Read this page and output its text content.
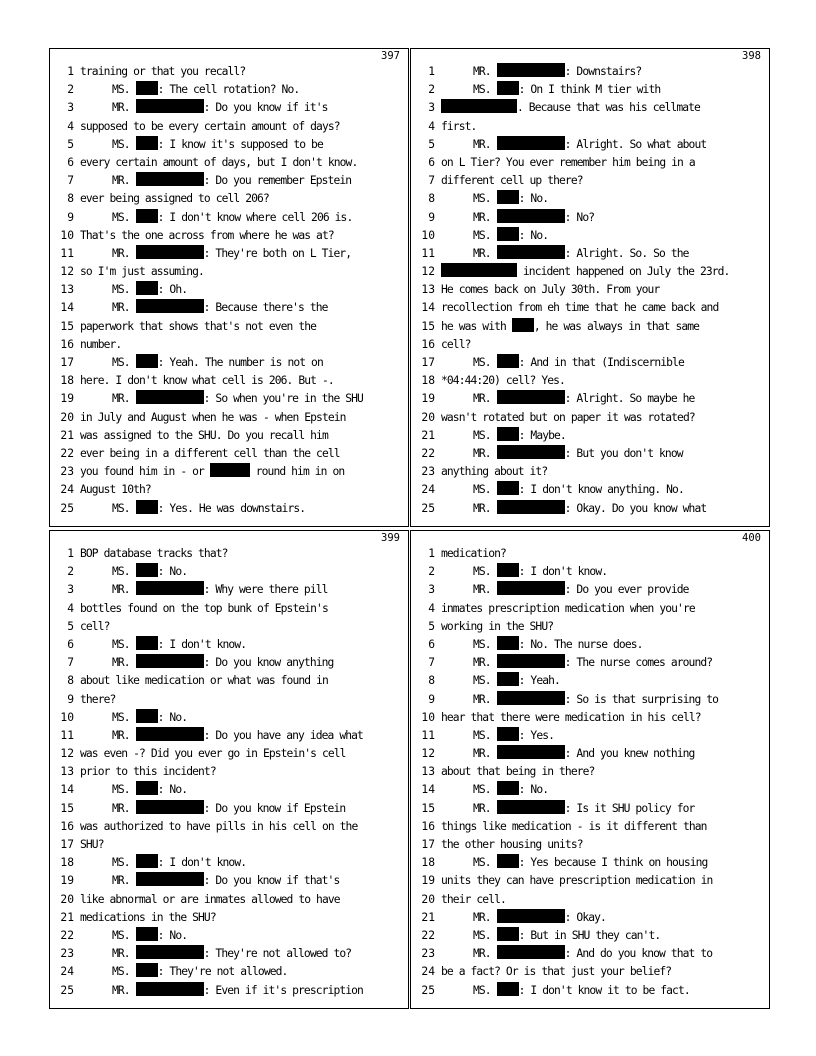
397
1 training or that you recall?
2	MS. : The cell rotation? No.
3	MR.	: Do you know if it's
4 supposed to be every certain amount of days?
5	MS. : I know it's supposed to be
6 every certain amount of days, but I don't know.
7	MR.	: Do you remember Epstein
8 ever being assigned to cell 206?
9	MS. : I don't know where cell 206 is.
10 That's the one across from where he was at?
11	MR.	: They're both on L Tier,
12 so I'm just assuming.
13	MS. : Oh.
14	MR.	: Because there's the
15 paperwork that shows that's not even the
16 number.
17	MS. : Yeah. The number is not on
18 here. I don't know what cell is 206. But -.
19	MR.	: So when you're in the SHU
20 in July and August when he was - when Epstein
21 was assigned to the SHU. Do you recall him
22 ever being in a different cell than the cell
23 you found him in - or	round him in on
24 August 10th?
25	MS. : Yes. He was downstairs.
398
1	MR.	: Downstairs?
2	MS. : On I think M tier with
3	. Because that was his cellmate
4 first.
5	MR.	: Alright. So what about
6 on L Tier? You ever remember him being in a
7 different cell up there?
8	MS. : No.
9	MR.	: No?
10	MS. : No.
11	MR.	: Alright. So. So the
12	incident happened on July the 23rd.
13 He comes back on July 30th. From your
14 recollection from eh time that he came back and
15 he was with , he was always in that same
16 cell?
17	MS. : And in that (Indiscernible
18 *04:44:20) cell? Yes.
19	MR.	: Alright. So maybe he
20 wasn't rotated but on paper it was rotated?
21	MS. : Maybe.
22	MR.	: But you don't know
23 anything about it?
24	MS. : I don't know anything. No.
25	MR.	: Okay. Do you know what
399
1 BOP database tracks that?
2	MS. : No.
3	MR.	: Why were there pill
4 bottles found on the top bunk of Epstein's
5 cell?
6	MS. : I don't know.
7	MR.	: Do you know anything
8 about like medication or what was found in
9 there?
10	MS. : No.
11	MR.	: Do you have any idea what
12 was even -? Did you ever go in Epstein's cell
13 prior to this incident?
14	MS. : No.
15	MR.	: Do you know if Epstein
16 was authorized to have pills in his cell on the
17 SHU?
18	MS. : I don't know.
19	MR.	: Do you know if that's
20 like abnormal or are inmates allowed to have
21 medications in the SHU?
22	MS. : No.
23	MR.	: They're not allowed to?
24	MS. : They're not allowed.
25	MR.	: Even if it's prescription
400
1 medication?
2	MS. : I don't know.
3	MR.	: Do you ever provide
4 inmates prescription medication when you're
5 working in the SHU?
6	MS. : No. The nurse does.
7	MR.	: The nurse comes around?
8	MS. : Yeah.
9	MR.	: So is that surprising to
10 hear that there were medication in his cell?
11	MS. : Yes.
12	MR.	: And you knew nothing
13 about that being in there?
14	MS. : No.
15	MR.	: Is it SHU policy for
16 things like medication - is it different than
17 the other housing units?
18	MS. : Yes because I think on housing
19 units they can have prescription medication in
20 their cell.
21	MR.	: Okay.
22	MS. : But in SHU they can't.
23	MR.	: And do you know that to
24 be a fact? Or is that just your belief?
25	MS. : I don't know it to be fact.
